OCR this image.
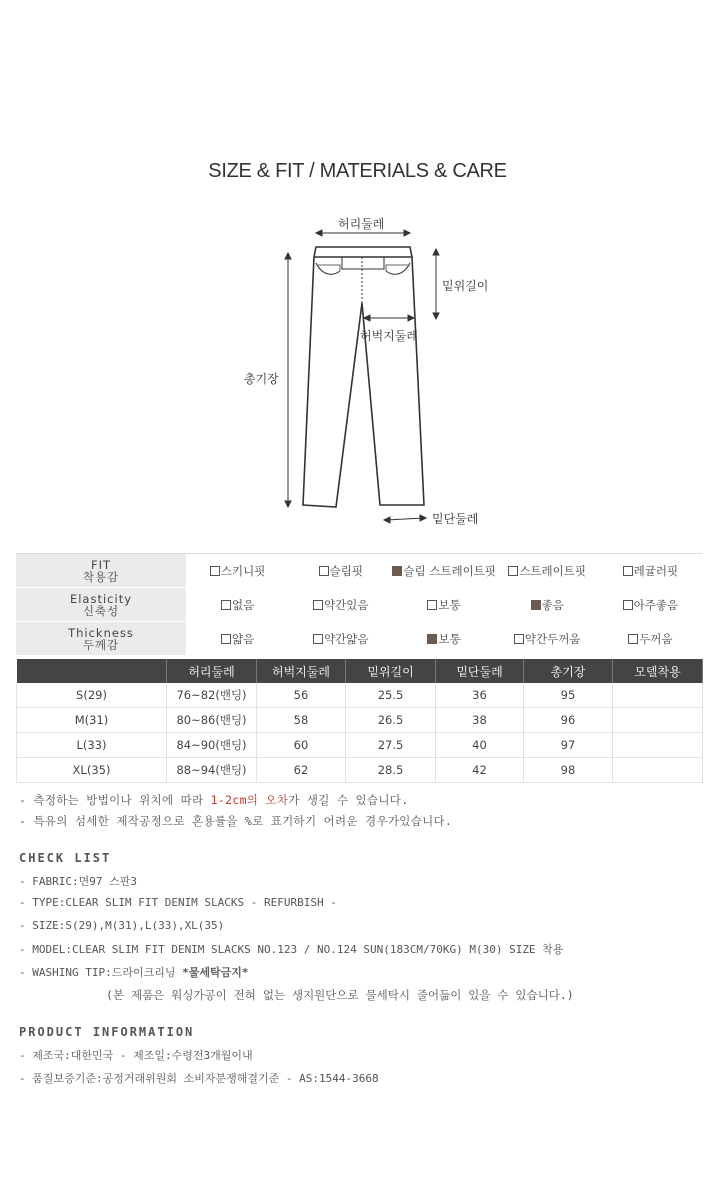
SIZE & FIT / MATERIALS & CARE
허리둘레
밑위길이
허벅지둘레
총기장
밑단둘레
FIT
착용감	스키니핏	슬림핏	슬림 스트레이트핏	스트레이트핏	레귤러핏

Elasticity
신축성	없음	약간있음	보통	좋음	아주좋음

Thickness
두께감	얇음	약간얇음	보통	약간두꺼움	두꺼움
	허리둘레	허벅지둘레	밑위길이	밑단둘레	총기장	모델착용
S(29)	76~82(밴딩)	56	25.5	36	95	
M(31)	80~86(밴딩)	58	26.5	38	96	
L(33)	84~90(밴딩)	60	27.5	40	97	
XL(35)	88~94(밴딩)	62	28.5	42	98	
- 측정하는 방법이나 위치에 따라 1-2cm의 오차가 생길 수 있습니다.
- 특유의 섬세한 제작공정으로 혼용률을 %로 표기하기 어려운 경우가있습니다.
CHECK LIST
- FABRIC:면97 스판3
- TYPE:CLEAR SLIM FIT DENIM SLACKS - REFURBISH -
- SIZE:S(29),M(31),L(33),XL(35)
- MODEL:CLEAR SLIM FIT DENIM SLACKS NO.123 / NO.124 SUN(183CM/70KG) M(30) SIZE 착용
- WASHING TIP:드라이크리닝 *물세탁금지*
(본 제품은 워싱가공이 전혀 없는 생지원단으로 물세탁시 줄어듦이 있을 수 있습니다.)
PRODUCT INFORMATION
- 제조국:대한민국 - 제조일:수령전3개월이내
- 품질보증기준:공정거래위원회 소비자분쟁해결기준 - AS:1544-3668
